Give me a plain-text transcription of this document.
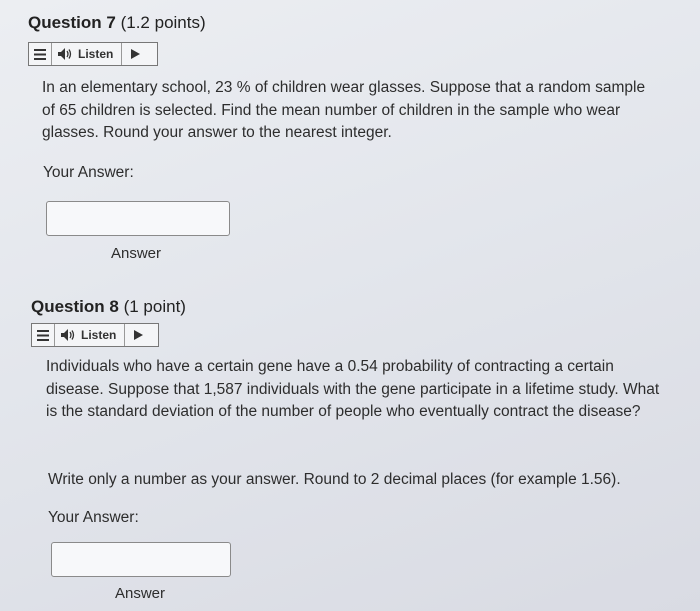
Question 7 (1.2 points)
Listen

In an elementary school, 23 % of children wear glasses. Suppose that a random sample of 65 children is selected. Find the mean number of children in the sample who wear glasses. Round your answer to the nearest integer.

Your Answer:
Answer
Question 8 (1 point)
Listen

Individuals who have a certain gene have a 0.54 probability of contracting a certain disease. Suppose that 1,587 individuals with the gene participate in a lifetime study. What is the standard deviation of the number of people who eventually contract the disease?

Write only a number as your answer. Round to 2 decimal places (for example 1.56).

Your Answer:
Answer
